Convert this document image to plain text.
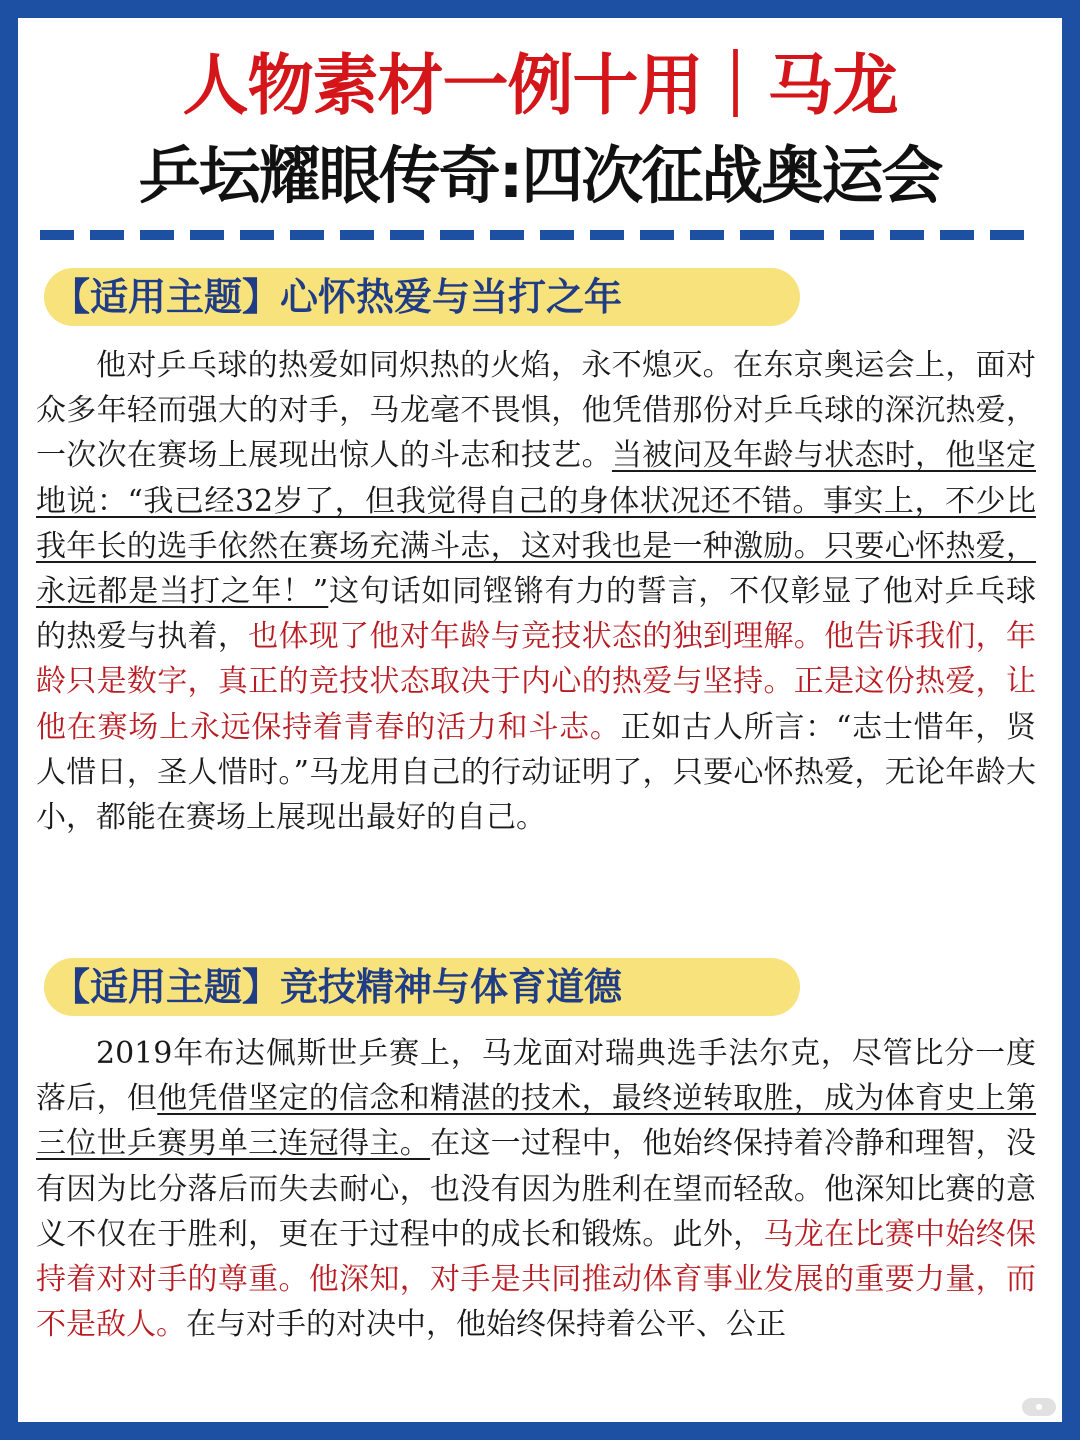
人物素材一例十用｜马龙
乒坛耀眼传奇:四次征战奥运会
【适用主题】心怀热爱与当打之年
他对乒乓球的热爱如同炽热的火焰，永不熄灭。在东京奥运会上，面对众多年轻而强大的对手，马龙毫不畏惧，他凭借那份对乒乓球的深沉热爱，一次次在赛场上展现出惊人的斗志和技艺。当被问及年龄与状态时，他坚定地说：“我已经32岁了，但我觉得自己的身体状况还不错。事实上，不少比我年长的选手依然在赛场充满斗志，这对我也是一种激励。只要心怀热爱，永远都是当打之年！”这句话如同铿锵有力的誓言，不仅彰显了他对乒乓球的热爱与执着，也体现了他对年龄与竞技状态的独到理解。他告诉我们，年龄只是数字，真正的竞技状态取决于内心的热爱与坚持。正是这份热爱，让他在赛场上永远保持着青春的活力和斗志。正如古人所言：“志士惜年，贤人惜日，圣人惜时。”马龙用自己的行动证明了，只要心怀热爱，无论年龄大小，都能在赛场上展现出最好的自己。
【适用主题】竞技精神与体育道德
2019年布达佩斯世乒赛上，马龙面对瑞典选手法尔克，尽管比分一度落后，但他凭借坚定的信念和精湛的技术，最终逆转取胜，成为体育史上第三位世乒赛男单三连冠得主。在这一过程中，他始终保持着冷静和理智，没有因为比分落后而失去耐心，也没有因为胜利在望而轻敌。他深知比赛的意义不仅在于胜利，更在于过程中的成长和锻炼。此外，马龙在比赛中始终保持着对对手的尊重。他深知，对手是共同推动体育事业发展的重要力量，而不是敌人。在与对手的对决中，他始终保持着公平、公正
●
